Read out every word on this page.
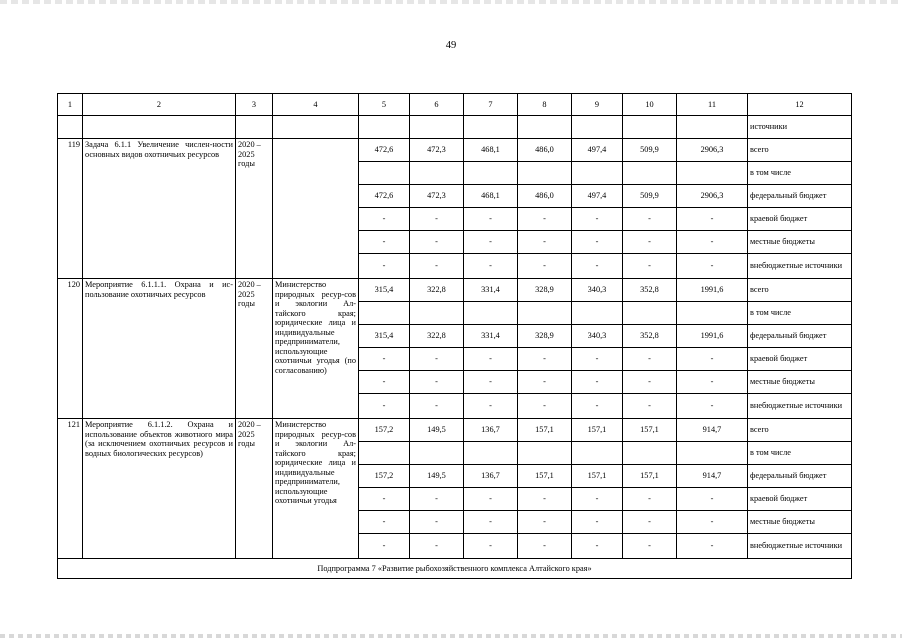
49
1	2	3	4	5	6	7	8	9	10	11	12
											источники
119	Задача 6.1.1 Увеличение числен-ности основных видов охотничьих ресурсов	2020 – 2025 годы		472,6	472,3	468,1	486,0	497,4	509,9	2906,3	всего
											в том числе
				472,6	472,3	468,1	486,0	497,4	509,9	2906,3	федеральный бюджет
				-	-	-	-	-	-	-	краевой бюджет
				-	-	-	-	-	-	-	местные бюджеты
				-	-	-	-	-	-	-	внебюджетные источники
120	Мероприятие 6.1.1.1. Охрана и ис-пользование охотничьих ресурсов	2020 – 2025 годы	Министерство природных ресур-сов и экологии Ал-тайского края; юридические лица и индивидуальные предприниматели, использующие охотничьи угодья (по согласованию)	315,4	322,8	331,4	328,9	340,3	352,8	1991,6	всего
											в том числе
				315,4	322,8	331,4	328,9	340,3	352,8	1991,6	федеральный бюджет
				-	-	-	-	-	-	-	краевой бюджет
				-	-	-	-	-	-	-	местные бюджеты
				-	-	-	-	-	-	-	внебюджетные источники
121	Мероприятие 6.1.1.2. Охрана и использование объектов животного мира (за исключением охотничьих ресурсов и водных биологических ресурсов)	2020 – 2025 годы	Министерство природных ресур-сов и экологии Ал-тайского края; юридические лица и индивидуальные предприниматели, использующие охотничьи угодья	157,2	149,5	136,7	157,1	157,1	157,1	914,7	всего
											в том числе
				157,2	149,5	136,7	157,1	157,1	157,1	914,7	федеральный бюджет
				-	-	-	-	-	-	-	краевой бюджет
				-	-	-	-	-	-	-	местные бюджеты
				-	-	-	-	-	-	-	внебюджетные источники
Подпрограмма 7 «Развитие рыбохозяйственного комплекса Алтайского края»											
